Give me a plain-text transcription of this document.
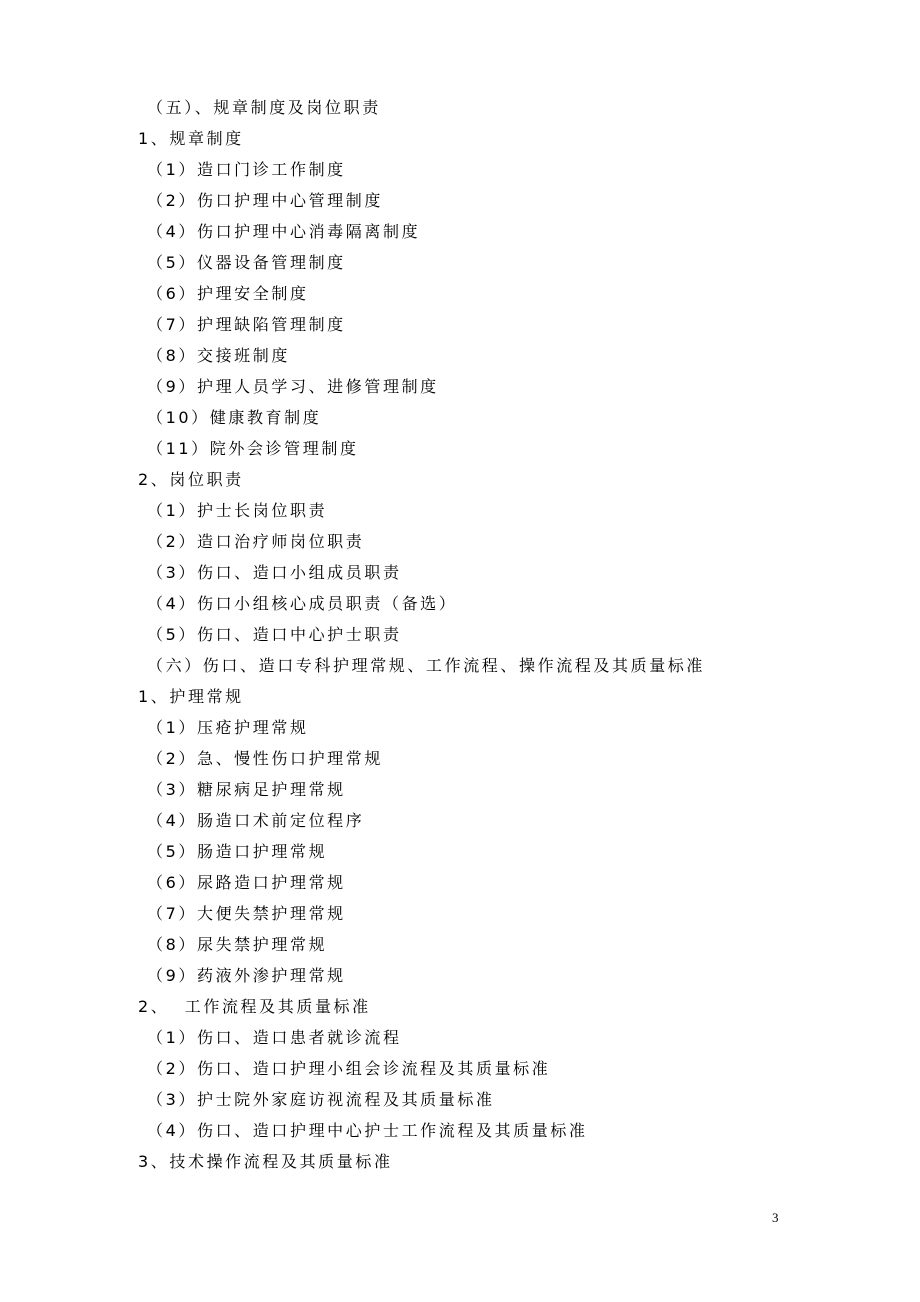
（五）、规章制度及岗位职责
1、规章制度
（1）造口门诊工作制度
（2）伤口护理中心管理制度
（4）伤口护理中心消毒隔离制度
（5）仪器设备管理制度
（6）护理安全制度
（7）护理缺陷管理制度
（8）交接班制度
（9）护理人员学习、进修管理制度
（10）健康教育制度
（11）院外会诊管理制度
2、岗位职责
（1）护士长岗位职责
（2）造口治疗师岗位职责
（3）伤口、造口小组成员职责
（4）伤口小组核心成员职责（备选）
（5）伤口、造口中心护士职责
（六）伤口、造口专科护理常规、工作流程、操作流程及其质量标准
1、护理常规
（1）压疮护理常规
（2）急、慢性伤口护理常规
（3）糖尿病足护理常规
（4）肠造口术前定位程序
（5）肠造口护理常规
（6）尿路造口护理常规
（7）大便失禁护理常规
（8）尿失禁护理常规
（9）药液外渗护理常规
2、  工作流程及其质量标准
（1）伤口、造口患者就诊流程
（2）伤口、造口护理小组会诊流程及其质量标准
（3）护士院外家庭访视流程及其质量标准
（4）伤口、造口护理中心护士工作流程及其质量标准
3、技术操作流程及其质量标准
3
